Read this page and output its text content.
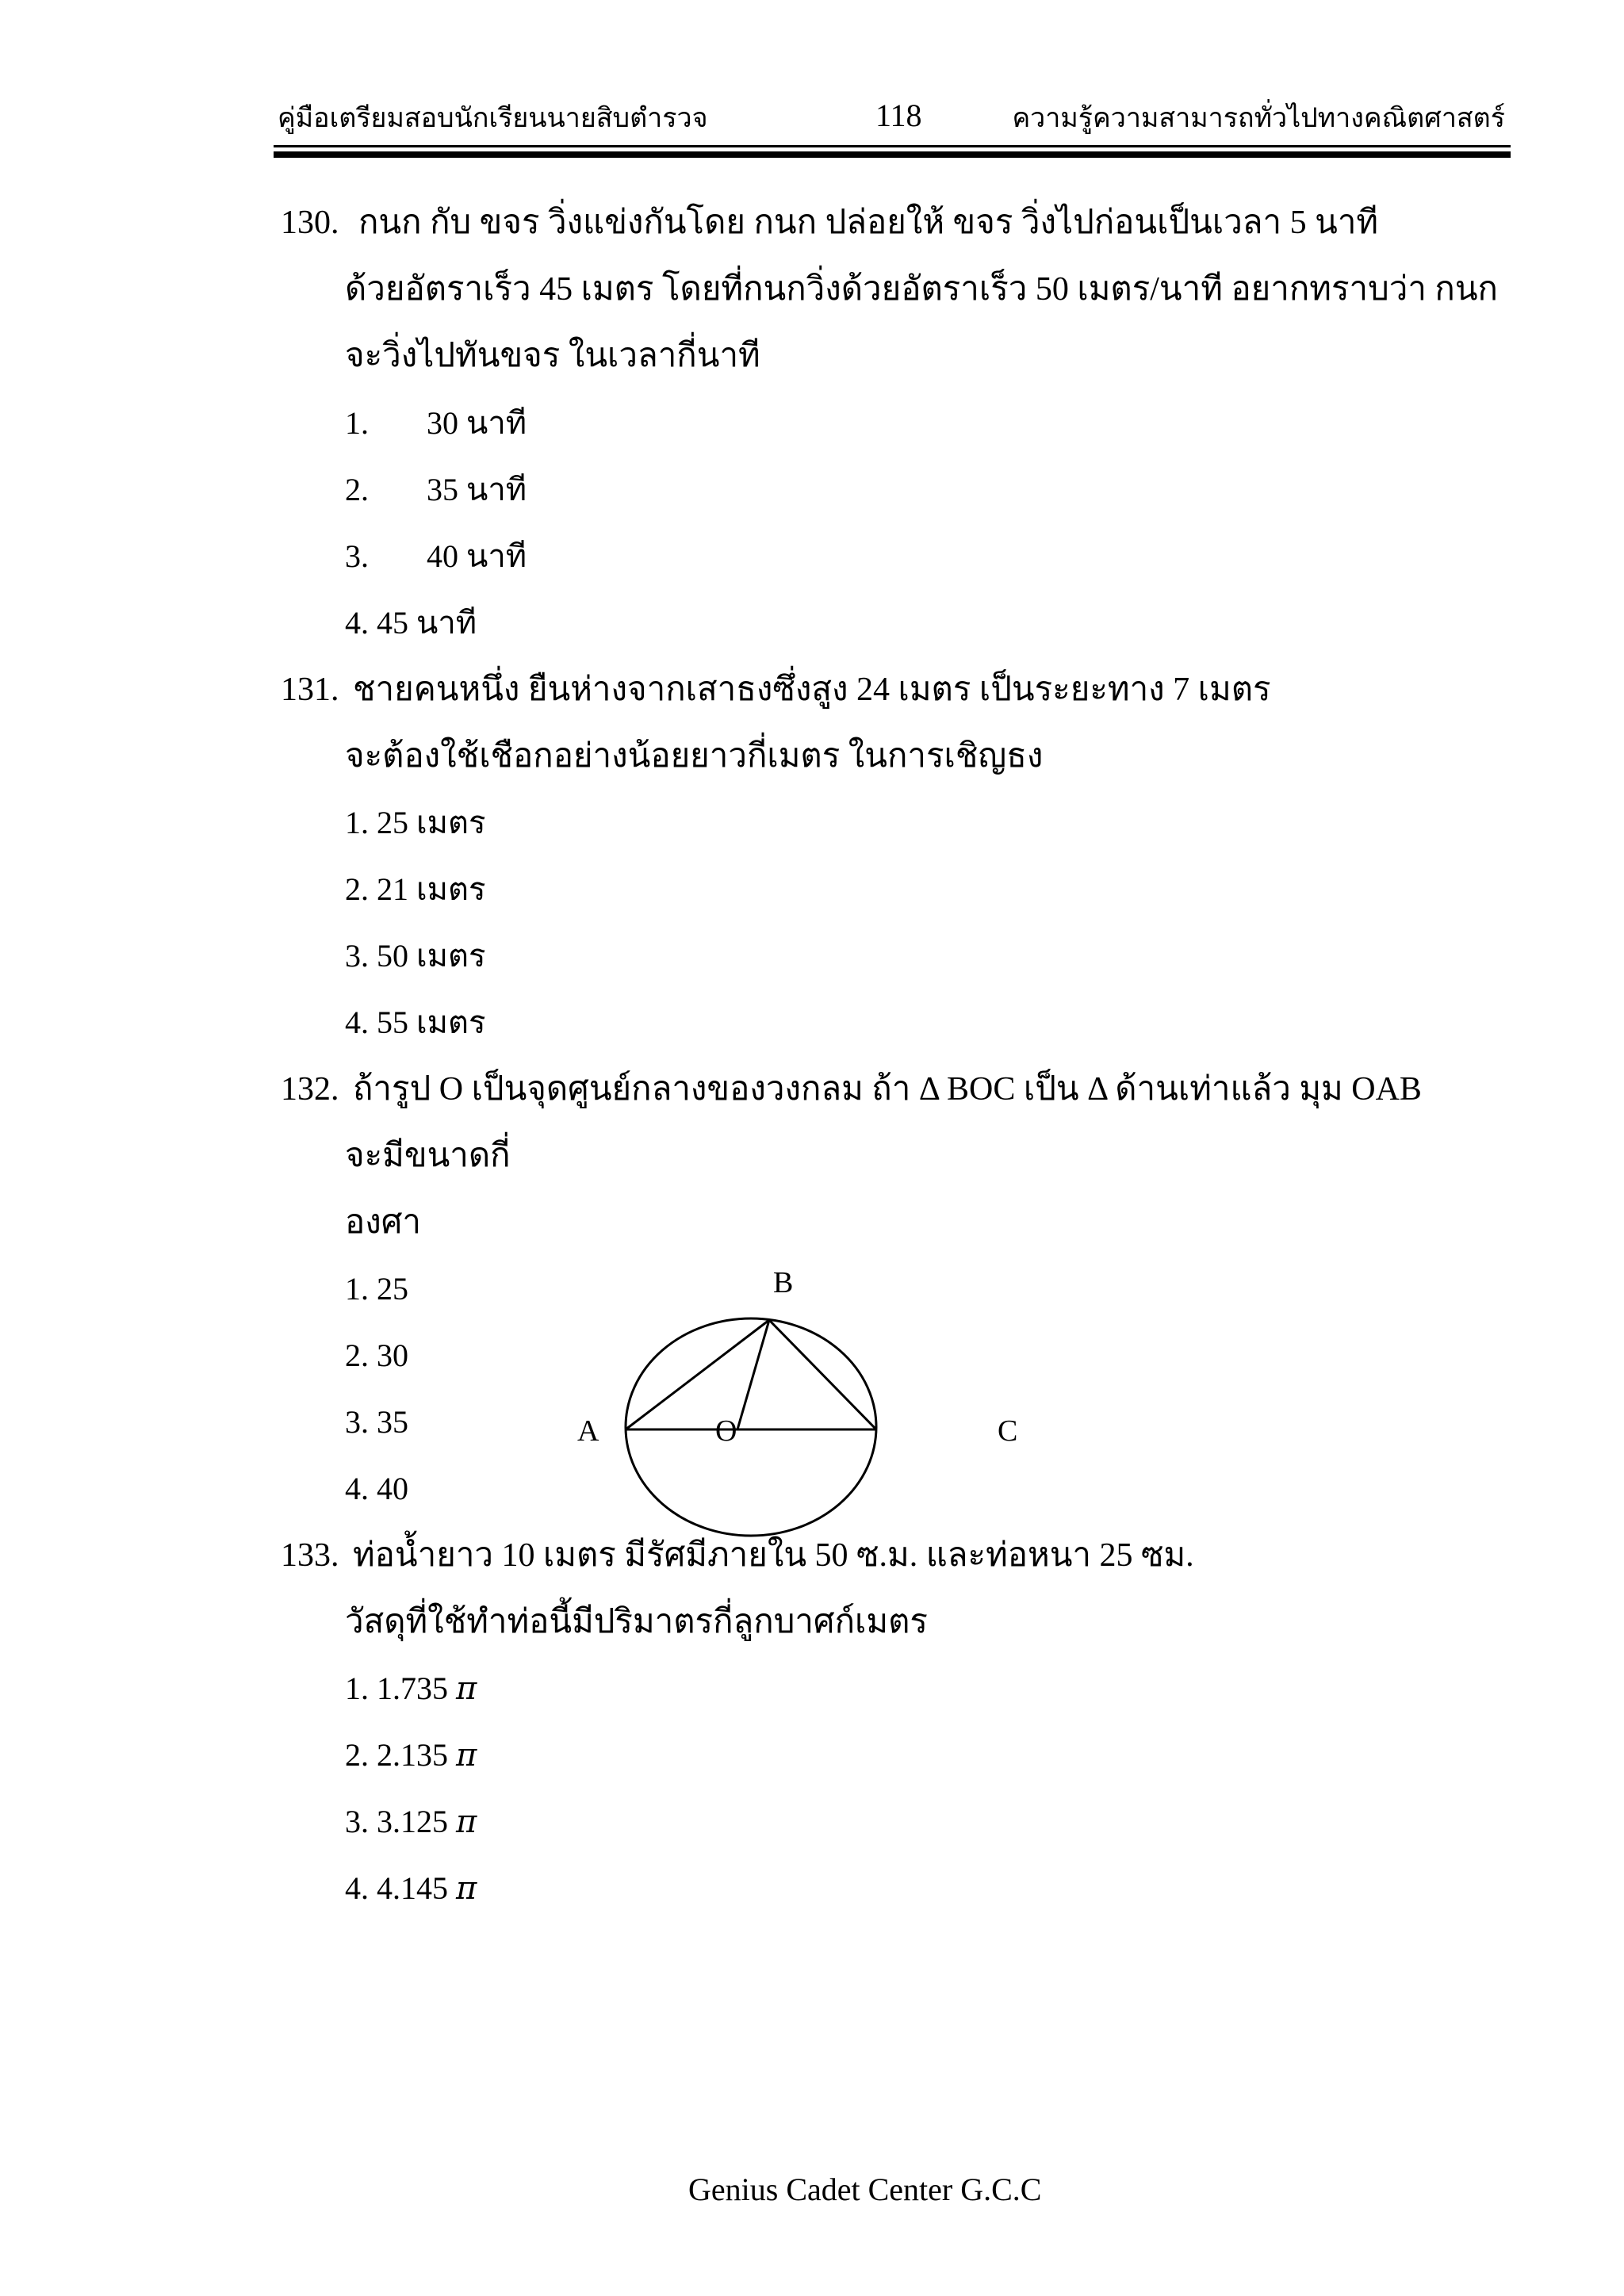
คู่มือเตรียมสอบนักเรียนนายสิบตำรวจ	118	ความรู้ความสามารถทั่วไปทางคณิตศาสตร์
130. กนก กับ ขจร วิ่งแข่งกันโดย กนก ปล่อยให้ ขจร วิ่งไปก่อนเป็นเวลา 5 นาที
ด้วยอัตราเร็ว 45 เมตร โดยที่กนกวิ่งด้วยอัตราเร็ว 50 เมตร/นาที อยากทราบว่า กนก
จะวิ่งไปทันขจร ในเวลากี่นาที
1. 30 นาที
2. 35 นาที
3. 40 นาที
4. 45 นาที
131. ชายคนหนึ่ง ยืนห่างจากเสาธงซึ่งสูง 24 เมตร เป็นระยะทาง 7 เมตร
จะต้องใช้เชือกอย่างน้อยยาวกี่เมตร ในการเชิญธง
1. 25 เมตร
2. 21 เมตร
3. 50 เมตร
4. 55 เมตร
132. ถ้ารูป O เป็นจุดศูนย์กลางของวงกลม ถ้า Δ BOC เป็น Δ ด้านเท่าแล้ว มุม OAB
จะมีขนาดกี่
องศา
1. 25
2. 30
3. 35
4. 40
B
A	O	C
133. ท่อน้ำยาว 10 เมตร มีรัศมีภายใน 50 ซ.ม. และท่อหนา 25 ซม.
วัสดุที่ใช้ทำท่อนี้มีปริมาตรกี่ลูกบาศก์เมตร
1. 1.735 π
2. 2.135 π
3. 3.125 π
4. 4.145 π
Genius Cadet Center G.C.C
